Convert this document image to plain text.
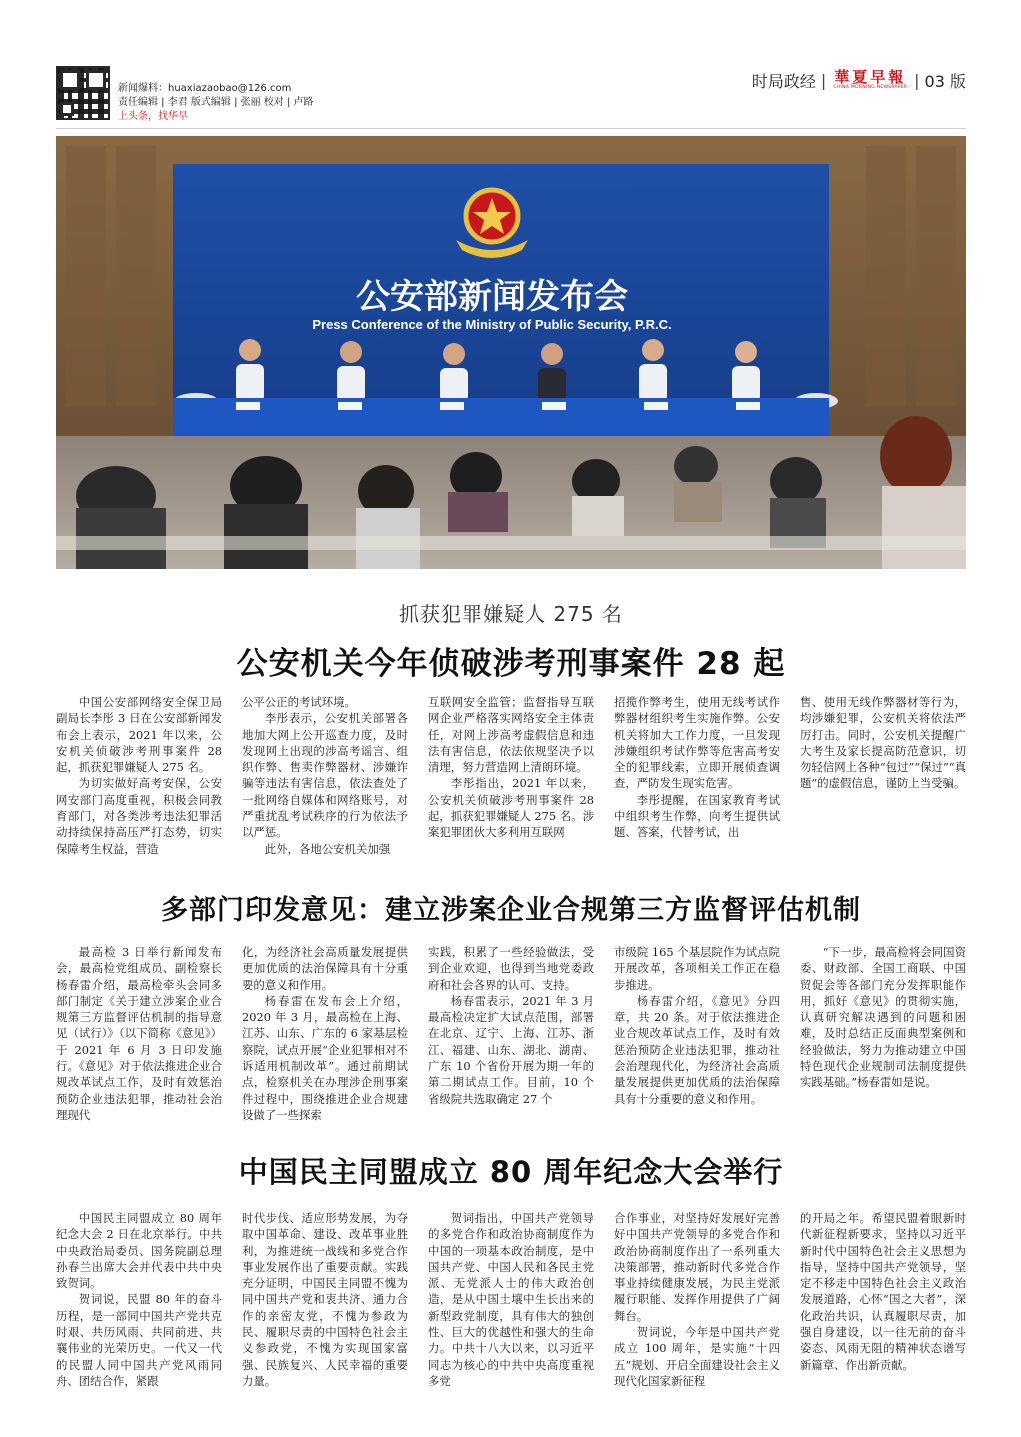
新闻爆料：huaxiazaobao@126.com
责任编辑 | 李君 版式编辑 | 张丽 校对 | 卢路
上头条，找华早
时局政经 | 華夏早報
CHINA MORNING NEWSPAPER | 03 版
公安部新闻发布会
Press Conference of the Ministry of Public Security, P.R.C.
抓获犯罪嫌疑人 275 名
公安机关今年侦破涉考刑事案件 28 起

中国公安部网络安全保卫局副局长李彤 3 日在公安部新闻发布会上表示，2021 年以来，公安机关侦破涉考刑事案件 28 起，抓获犯罪嫌疑人 275 名。

为切实做好高考安保，公安网安部门高度重视，积极会同教育部门，对各类涉考违法犯罪活动持续保持高压严打态势，切实保障考生权益，营造

公平公正的考试环境。

李彤表示，公安机关部署各地加大网上公开巡查力度，及时发现网上出现的涉高考谣言、组织作弊、售卖作弊器材、涉嫌诈骗等违法有害信息，依法查处了一批网络自媒体和网络账号，对严重扰乱考试秩序的行为依法予以严惩。

此外，各地公安机关加强

互联网安全监管；监督指导互联网企业严格落实网络安全主体责任，对网上涉高考虚假信息和违法有害信息，依法依规坚决予以清理，努力营造网上清朗环境。

李彤指出，2021 年以来，公安机关侦破涉考刑事案件 28 起，抓获犯罪嫌疑人 275 名。涉案犯罪团伙大多利用互联网

招揽作弊考生，使用无线考试作弊器材组织考生实施作弊。公安机关将加大工作力度，一旦发现涉嫌组织考试作弊等危害高考安全的犯罪线索，立即开展侦查调查，严防发生现实危害。

李彤提醒，在国家教育考试中组织考生作弊，向考生提供试题、答案，代替考试，出

售、使用无线作弊器材等行为，均涉嫌犯罪，公安机关将依法严厉打击。同时，公安机关提醒广大考生及家长提高防范意识，切勿轻信网上各种“包过”“保过”“真题”的虚假信息，谨防上当受骗。

多部门印发意见：建立涉案企业合规第三方监督评估机制

最高检 3 日举行新闻发布会，最高检党组成员、副检察长杨春雷介绍，最高检牵头会同多部门制定《关于建立涉案企业合规第三方监督评估机制的指导意见（试行）》（以下简称《意见》）于 2021 年 6 月 3 日印发施行。《意见》对于依法推进企业合规改革试点工作，及时有效惩治预防企业违法犯罪，推动社会治理现代

化，为经济社会高质量发展提供更加优质的法治保障具有十分重要的意义和作用。

杨春雷在发布会上介绍，2020 年 3 月，最高检在上海、江苏、山东、广东的 6 家基层检察院，试点开展“企业犯罪相对不诉适用机制改革”。通过前期试点，检察机关在办理涉企刑事案件过程中，围绕推进企业合规建设做了一些探索

实践，积累了一些经验做法，受到企业欢迎，也得到当地党委政府和社会各界的认可、支持。

杨春雷表示，2021 年 3 月最高检决定扩大试点范围，部署在北京、辽宁、上海、江苏、浙江、福建、山东、湖北、湖南、广东 10 个省份开展为期一年的第二期试点工作。目前，10 个省级院共选取确定 27 个

市级院 165 个基层院作为试点院开展改革，各项相关工作正在稳步推进。

杨春雷介绍，《意见》分四章，共 20 条。对于依法推进企业合规改革试点工作，及时有效惩治预防企业违法犯罪，推动社会治理现代化，为经济社会高质量发展提供更加优质的法治保障具有十分重要的意义和作用。

“下一步，最高检将会同国资委、财政部、全国工商联、中国贸促会等各部门充分发挥职能作用，抓好《意见》的贯彻实施，认真研究解决遇到的问题和困难，及时总结正反面典型案例和经验做法，努力为推动建立中国特色现代企业规制司法制度提供实践基础。”杨春雷如是说。

中国民主同盟成立 80 周年纪念大会举行

中国民主同盟成立 80 周年纪念大会 2 日在北京举行。中共中央政治局委员、国务院副总理孙春兰出席大会并代表中共中央致贺词。

贺词说，民盟 80 年的奋斗历程，是一部同中国共产党共克时艰、共历风雨、共同前进、共襄伟业的光荣历史。一代又一代的民盟人同中国共产党风雨同舟、团结合作，紧跟

时代步伐、适应形势发展，为夺取中国革命、建设、改革事业胜利，为推进统一战线和多党合作事业发展作出了重要贡献。实践充分证明，中国民主同盟不愧为同中国共产党和衷共济、通力合作的亲密友党，不愧为参政为民、履职尽责的中国特色社会主义参政党，不愧为实现国家富强、民族复兴、人民幸福的重要力量。

贺词指出，中国共产党领导的多党合作和政治协商制度作为中国的一项基本政治制度，是中国共产党、中国人民和各民主党派、无党派人士的伟大政治创造，是从中国土壤中生长出来的新型政党制度，具有伟大的独创性、巨大的优越性和强大的生命力。中共十八大以来，以习近平同志为核心的中共中央高度重视多党

合作事业，对坚持好发展好完善好中国共产党领导的多党合作和政治协商制度作出了一系列重大决策部署，推动新时代多党合作事业持续健康发展，为民主党派履行职能、发挥作用提供了广阔舞台。

贺词说，今年是中国共产党成立 100 周年，是实施“十四五”规划、开启全面建设社会主义现代化国家新征程

的开局之年。希望民盟着眼新时代新征程新要求，坚持以习近平新时代中国特色社会主义思想为指导，坚持中国共产党领导，坚定不移走中国特色社会主义政治发展道路，心怀“国之大者”，深化政治共识，认真履职尽责，加强自身建设，以一往无前的奋斗姿态、风雨无阻的精神状态谱写新篇章、作出新贡献。
